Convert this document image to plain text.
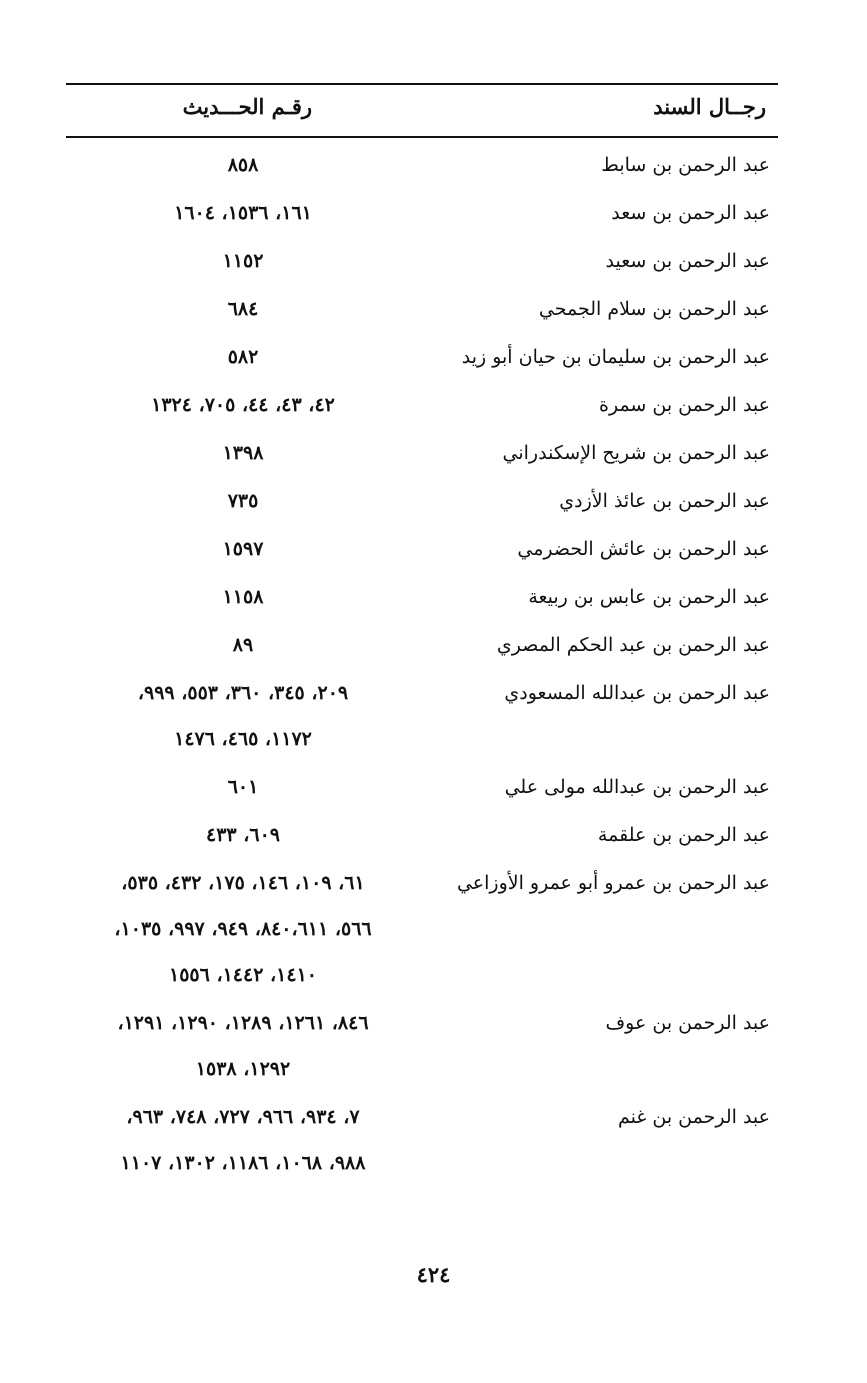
رجــال السند
رقـم الحـــديث
عبد الرحمن بن سابط
٨٥٨
عبد الرحمن بن سعد
١٦١، ١٥٣٦، ١٦٠٤
عبد الرحمن بن سعيد
١١٥٢
عبد الرحمن بن سلام الجمحي
٦٨٤
عبد الرحمن بن سليمان بن حيان أبو زيد
٥٨٢
عبد الرحمن بن سمرة
٤٢، ٤٣، ٤٤، ٧٠٥، ١٣٢٤
عبد الرحمن بن شريح الإسكندراني
١٣٩٨
عبد الرحمن بن عائذ الأزدي
٧٣٥
عبد الرحمن بن عائش الحضرمي
١٥٩٧
عبد الرحمن بن عابس بن ربيعة
١١٥٨
عبد الرحمن بن عبد الحكم المصري
٨٩
عبد الرحمن بن عبدالله المسعودي
٢٠٩، ٣٤٥، ٣٦٠، ٥٥٣، ٩٩٩،
١١٧٢، ٤٦٥، ١٤٧٦
عبد الرحمن بن عبدالله مولى علي
٦٠١
عبد الرحمن بن علقمة
٦٠٩، ٤٣٣
عبد الرحمن بن عمرو أبو عمرو الأوزاعي
٦١، ١٠٩، ١٤٦، ١٧٥، ٤٣٢، ٥٣٥،
٥٦٦، ٨٤٠،٦١١، ٩٤٩، ٩٩٧، ١٠٣٥،
١٤١٠، ١٤٤٢، ١٥٥٦
عبد الرحمن بن عوف
٨٤٦، ١٢٦١، ١٢٨٩، ١٢٩٠، ١٢٩١،
١٢٩٢، ١٥٣٨
عبد الرحمن بن غنم
٧، ٩٣٤، ٩٦٦، ٧٢٧، ٧٤٨، ٩٦٣،
٩٨٨، ١٠٦٨، ١١٨٦، ١٣٠٢، ١١٠٧
٤٢٤
